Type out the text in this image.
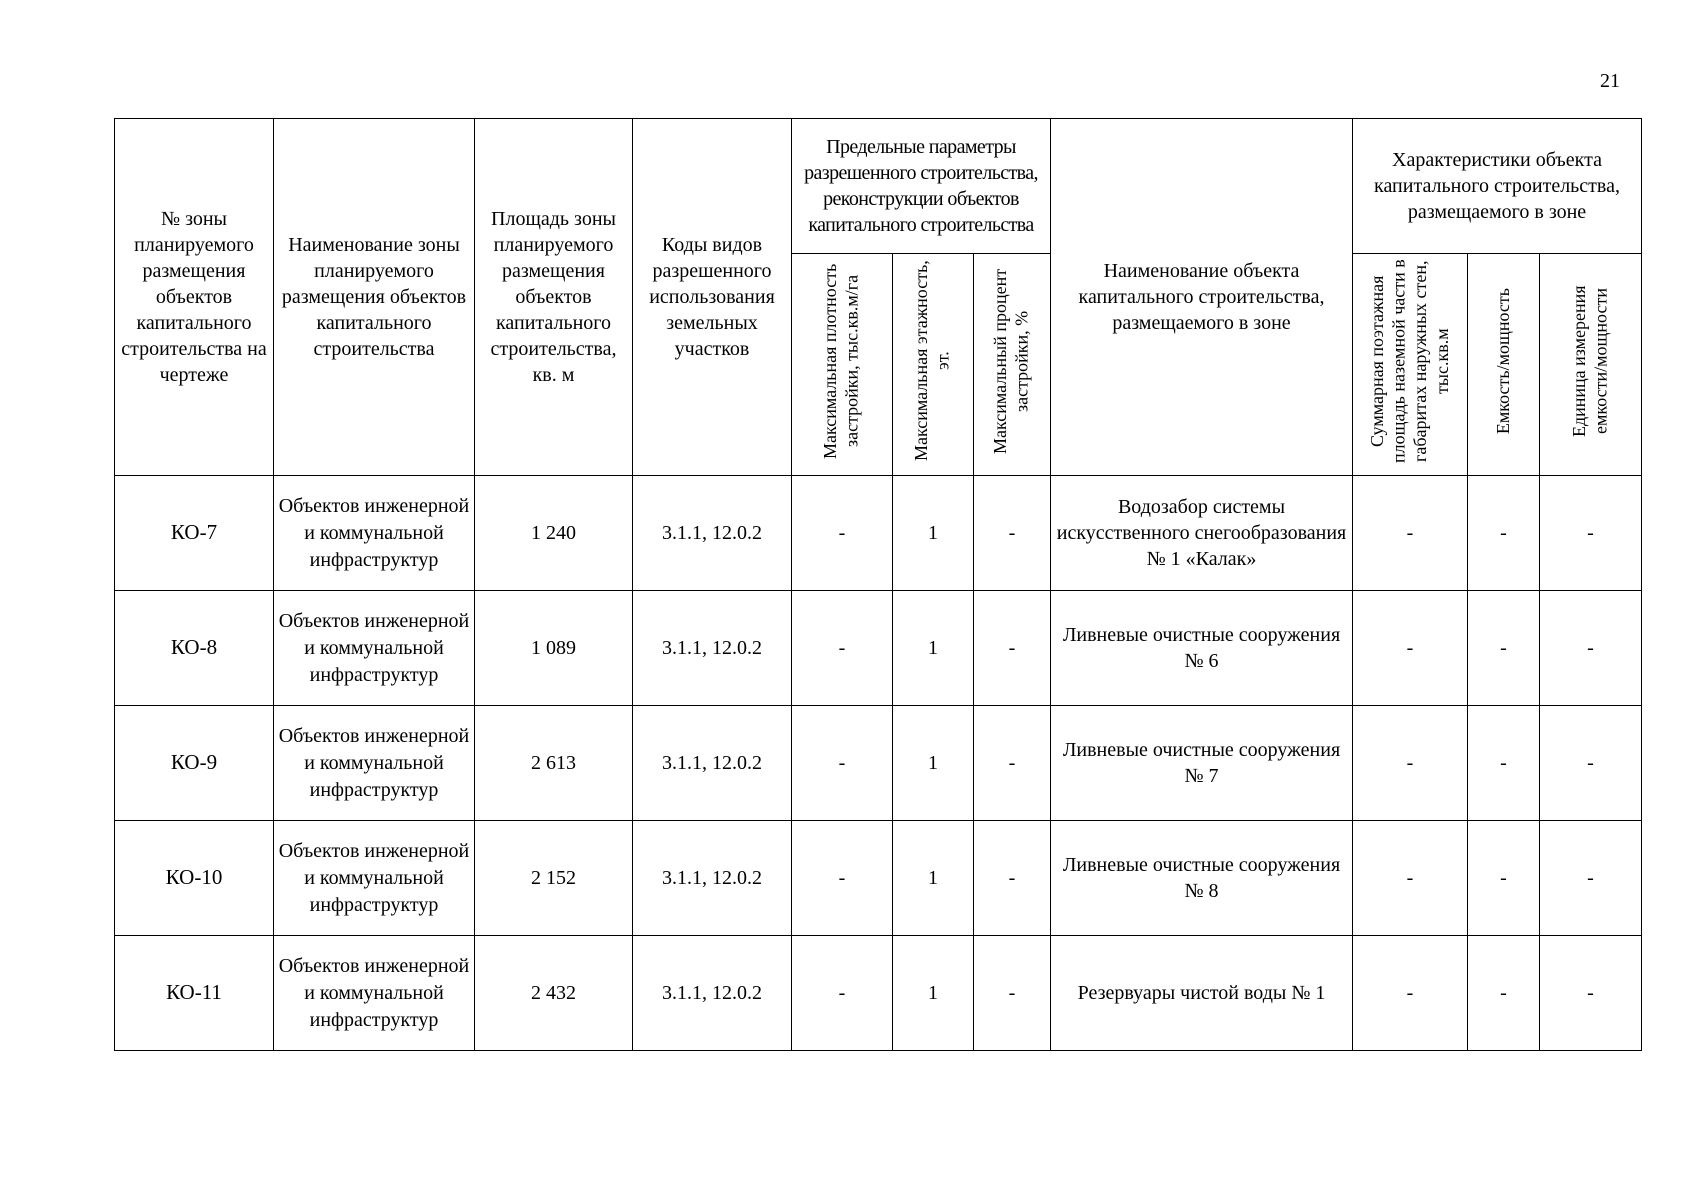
21
№ зоны планируемого размещения объектов капитального строительства на чертеже	Наименование зоны планируемого размещения объектов капитального строительства	Площадь зоны планируемого размещения объектов капитального строительства, кв. м	Коды видов разрешенного использования земельных участков	Предельные параметры разрешенного строительства, реконструкции объектов капитального строительства			Наименование объекта капитального строительства, размещаемого в зоне	Характеристики объекта капитального строительства, размещаемого в зоне		
				Максимальная плотность застройки, тыс.кв.м/га	Максимальная этажность, эт.	Максимальный процент застройки, %		Суммарная поэтажная площадь наземной части в габаритах наружных стен, тыс.кв.м	Емкость/мощность	Единица измерения емкости/мощности
КО-7	Объектов инженерной и коммунальной инфраструктур	1 240	3.1.1, 12.0.2	-	1	-	Водозабор системы искусственного снегообразования № 1 «Калак»	-	-	-
КО-8	Объектов инженерной и коммунальной инфраструктур	1 089	3.1.1, 12.0.2	-	1	-	Ливневые очистные сооружения № 6	-	-	-
КО-9	Объектов инженерной и коммунальной инфраструктур	2 613	3.1.1, 12.0.2	-	1	-	Ливневые очистные сооружения № 7	-	-	-
КО-10	Объектов инженерной и коммунальной инфраструктур	2 152	3.1.1, 12.0.2	-	1	-	Ливневые очистные сооружения № 8	-	-	-
КО-11	Объектов инженерной и коммунальной инфраструктур	2 432	3.1.1, 12.0.2	-	1	-	Резервуары чистой воды № 1	-	-	-
